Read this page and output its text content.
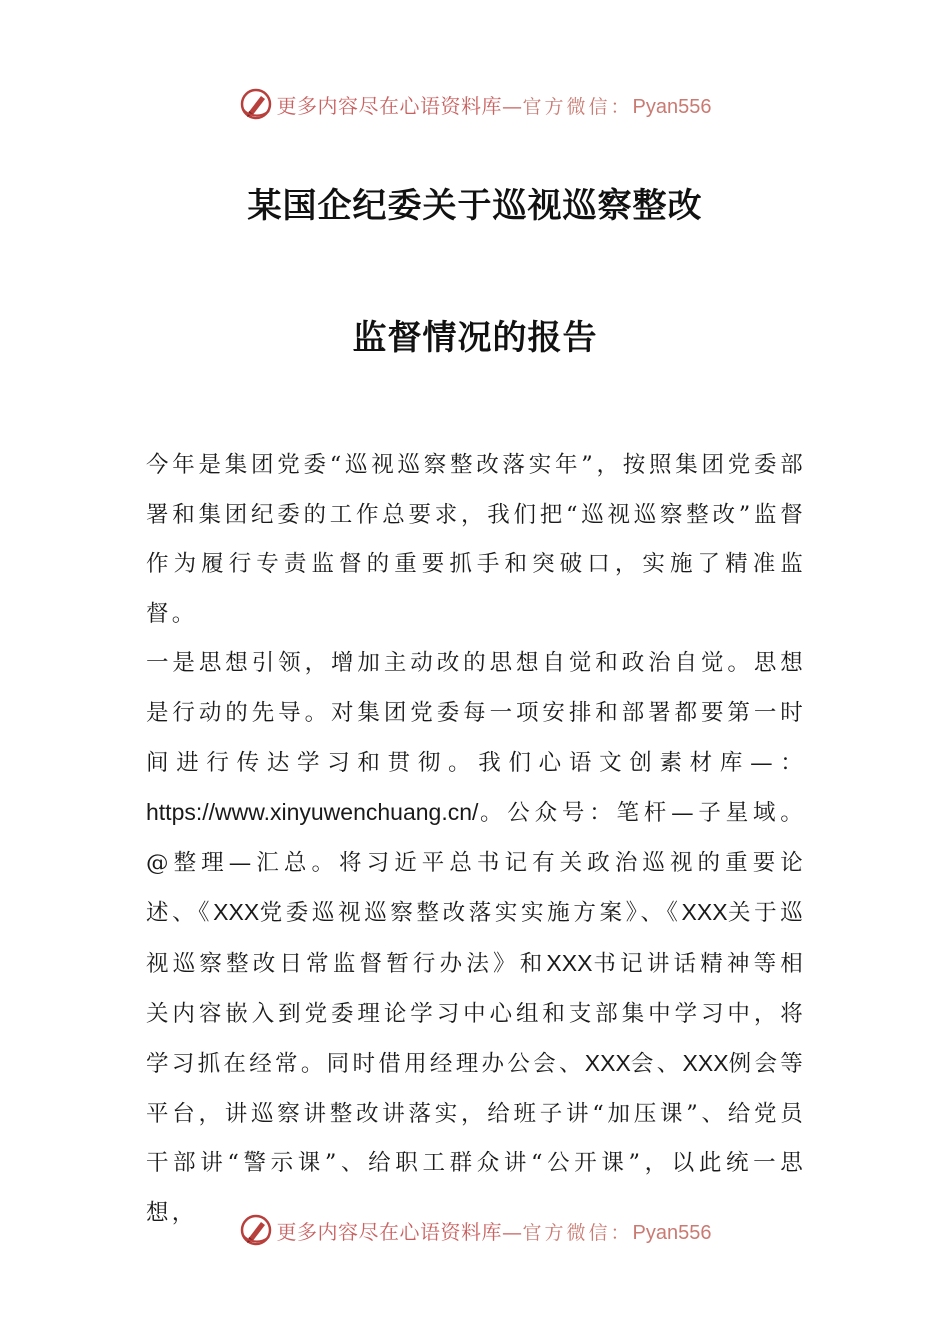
更多内容尽在心语资料库—官方微信：Pyan556
某国企纪委关于巡视巡察整改
监督情况的报告

今年是集团党委“巡视巡察整改落实年”，按照集团党委部署和集团纪委的工作总要求，我们把“巡视巡察整改”监督作为履行专责监督的重要抓手和突破口，实施了精准监督。

一是思想引领，增加主动改的思想自觉和政治自觉。思想是行动的先导。对集团党委每一项安排和部署都要第一时间进行传达学习和贯彻。我们心语文创素材库—：https://www.xinyuwenchuang.cn/。公众号：笔杆—子星域。@整理—汇总。将习近平总书记有关政治巡视的重要论述、《XXX党委巡视巡察整改落实实施方案》、《XXX关于巡视巡察整改日常监督暂行办法》和XXX书记讲话精神等相关内容嵌入到党委理论学习中心组和支部集中学习中，将学习抓在经常。同时借用经理办公会、XXX会、XXX例会等平台，讲巡察讲整改讲落实，给班子讲“加压课”、给党员干部讲“警示课”、给职工群众讲“公开课”，以此统一思想，

更多内容尽在心语资料库—官方微信：Pyan556
